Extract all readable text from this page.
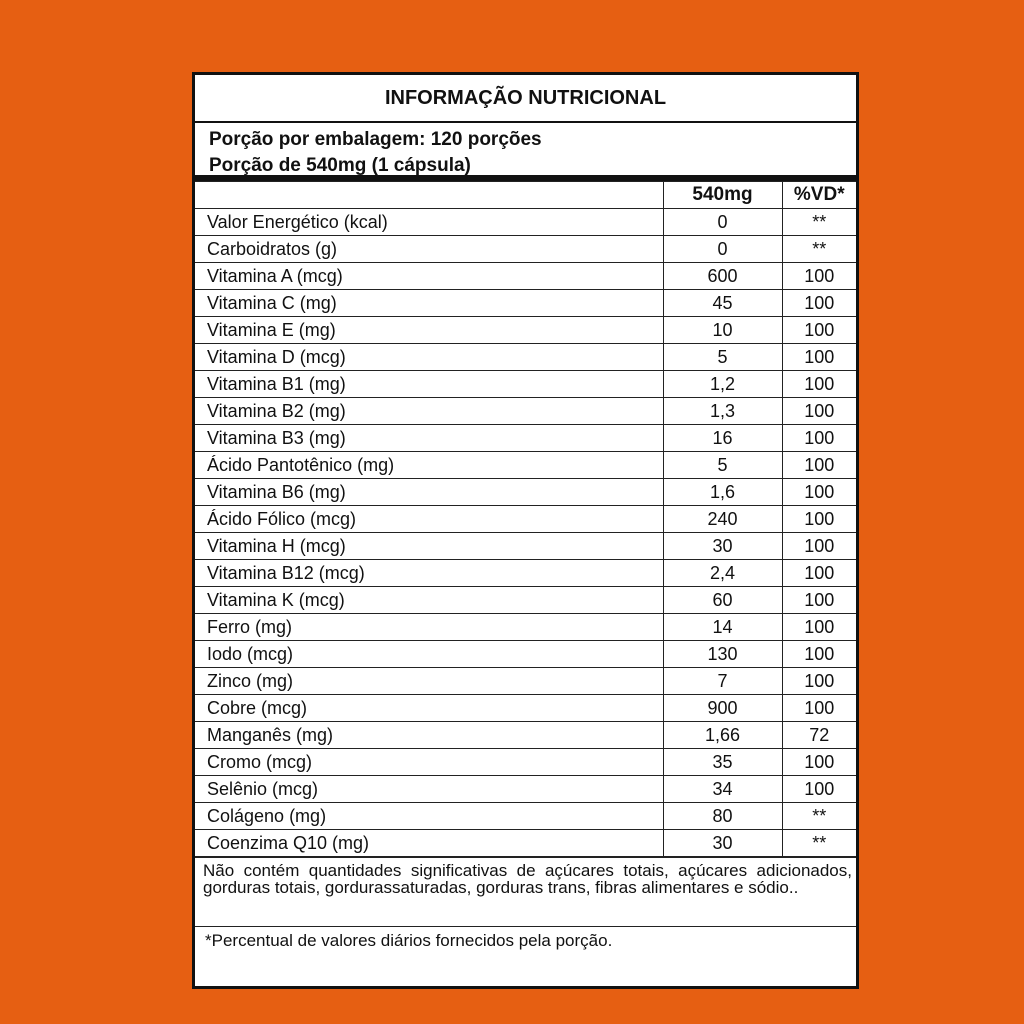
INFORMAÇÃO NUTRICIONAL
Porção por embalagem: 120 porções
Porção de 540mg (1 cápsula)
	540mg	%VD*
Valor Energético (kcal)	0	**
Carboidratos (g)	0	**
Vitamina A (mcg)	600	100
Vitamina C (mg)	45	100
Vitamina E (mg)	10	100
Vitamina D (mcg)	5	100
Vitamina B1 (mg)	1,2	100
Vitamina B2 (mg)	1,3	100
Vitamina B3 (mg)	16	100
Ácido Pantotênico (mg)	5	100
Vitamina B6 (mg)	1,6	100
Ácido Fólico (mcg)	240	100
Vitamina H (mcg)	30	100
Vitamina B12 (mcg)	2,4	100
Vitamina K (mcg)	60	100
Ferro (mg)	14	100
Iodo (mcg)	130	100
Zinco (mg)	7	100
Cobre (mcg)	900	100
Manganês (mg)	1,66	72
Cromo (mcg)	35	100
Selênio (mcg)	34	100
Colágeno (mg)	80	**
Coenzima Q10 (mg)	30	**
Não contém quantidades significativas de açúcares totais, açúcares adicionados, gorduras totais, gordurassaturadas, gorduras trans, fibras alimentares e sódio..
*Percentual de valores diários fornecidos pela porção.
